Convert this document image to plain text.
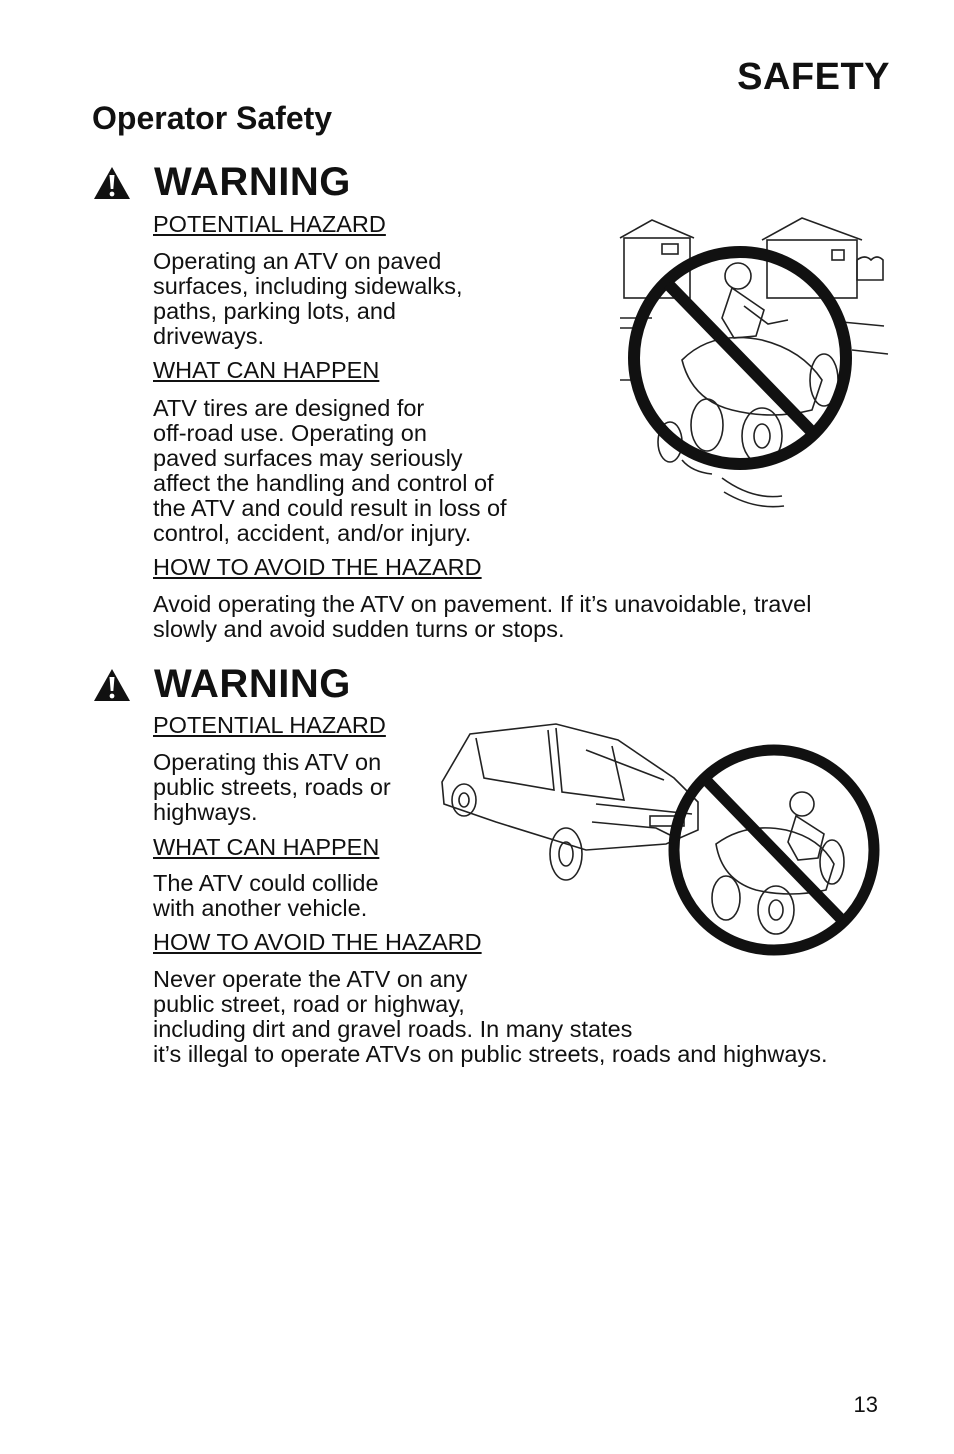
SAFETY
Operator Safety
WARNING
POTENTIAL HAZARD
Operating an ATV on paved
surfaces, including sidewalks,
paths, parking lots, and
driveways.
WHAT CAN HAPPEN
ATV tires are designed for
off-road use. Operating on
paved surfaces may seriously
affect the handling and control of
the ATV and could result in loss of
control, accident, and/or injury.
HOW TO AVOID THE HAZARD
Avoid operating the ATV on pavement. If it’s unavoidable, travel
slowly and avoid sudden turns or stops.
WARNING
POTENTIAL HAZARD
Operating this ATV on
public streets, roads or
highways.
WHAT CAN HAPPEN
The ATV could collide
with another vehicle.
HOW TO AVOID THE HAZARD
Never operate the ATV on any
public street, road or highway,
including dirt and gravel roads. In many states
it’s illegal to operate ATVs on public streets, roads and highways.
13
